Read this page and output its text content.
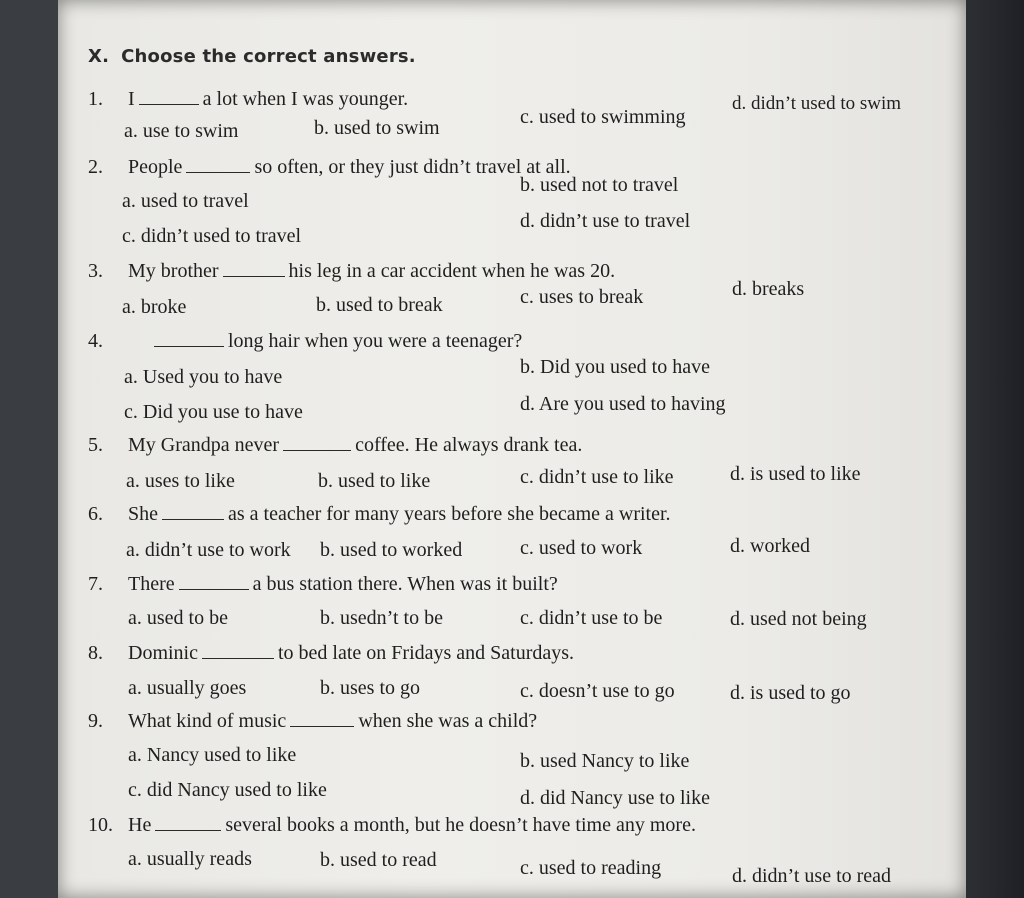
X. Choose the correct answers.
1. I	a lot when I was younger.
a. use to swim	b. used to swim	c. used to swimming
d. didn’t used to swim
2. People	so often, or they just didn’t travel at all.
a. used to travel
b. used not to travel
c. didn’t used to travel
d. didn’t use to travel
3. My brother	his leg in a car accident when he was 20.
a. broke	b. used to break	c. uses to break	d. breaks
4.	long hair when you were a teenager?
a. Used you to have	b. Did you used to have
c. Did you use to have	d. Are you used to having
5. My Grandpa never	coffee. He always drank tea.
a. uses to like	b. used to like	c. didn’t use to like	d. is used to like
6. She	as a teacher for many years before she became a writer.
a. didn’t use to work b. used to worked	c. used to work	d. worked
7. There	a bus station there. When was it built?
a. used to be	b. usedn’t to be	c. didn’t use to be	d. used not being
8. Dominic	to bed late on Fridays and Saturdays.
a. usually goes	b. uses to go	c. doesn’t use to go	d. is used to go
9. What kind of music	when she was a child?
a. Nancy used to like	b. used Nancy to like
c. did Nancy used to like	d. did Nancy use to like
10. He	several books a month, but he doesn’t have time any more.
a. usually reads	b. used to read	c. used to reading	d. didn’t use to read
